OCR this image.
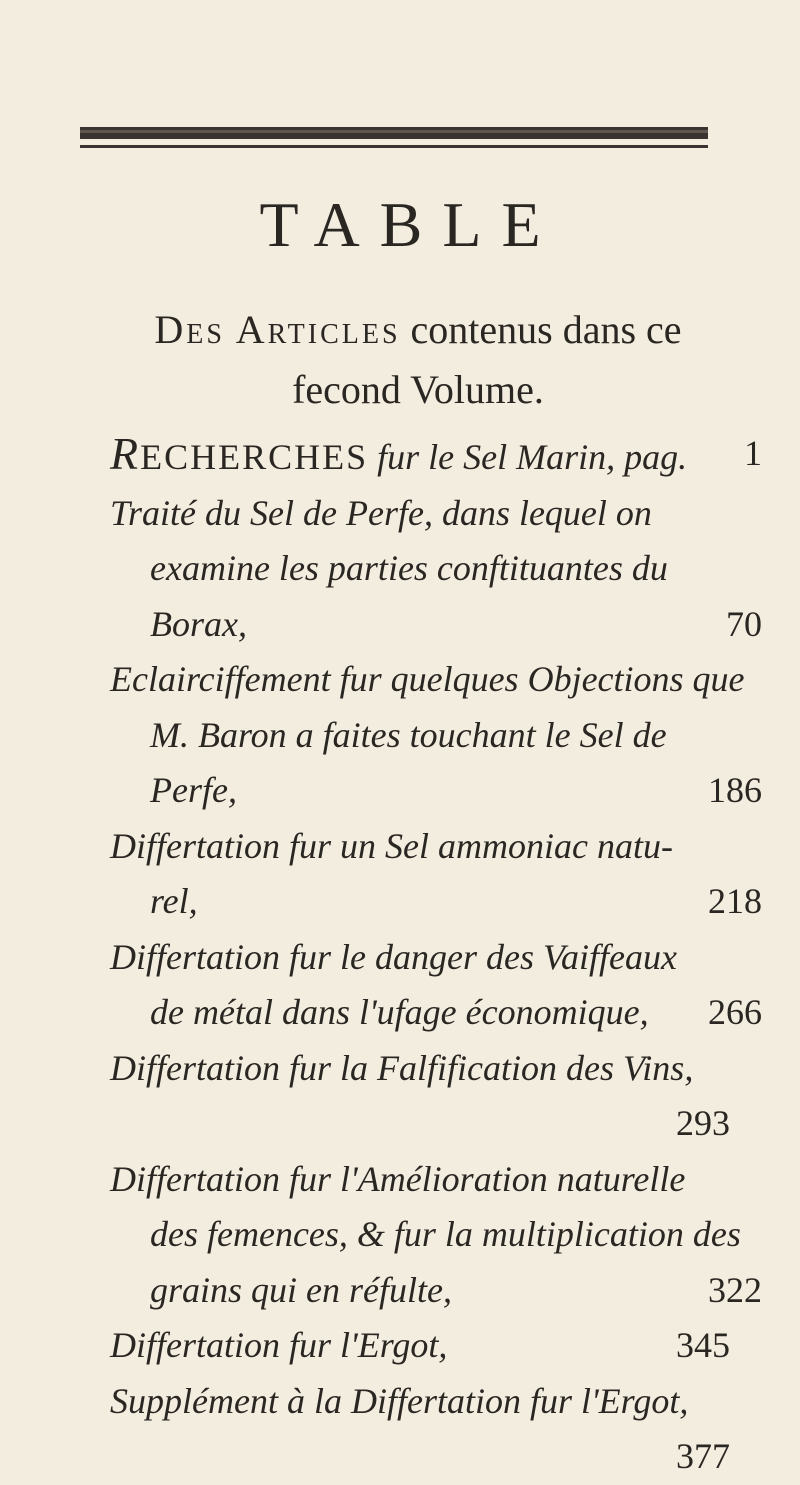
TABLE
Des Articles contenus dans ce
fecond Volume.
RECHERCHES fur le Sel Marin, pag. 1
Traité du Sel de Perfe, dans lequel on
examine les parties conftituantes du
Borax,	70
Eclairciffement fur quelques Objections que
M. Baron a faites touchant le Sel de
Perfe,	186
Differtation fur un Sel ammoniac natu-
rel,	218
Differtation fur le danger des Vaiffeaux
de métal dans l'ufage économique,	266
Differtation fur la Falfification des Vins,

293
Differtation fur l'Amélioration naturelle
des femences, & fur la multiplication des
grains qui en réfulte,	322
Differtation fur l'Ergot,	345
Supplément à la Differtation fur l'Ergot,

377
